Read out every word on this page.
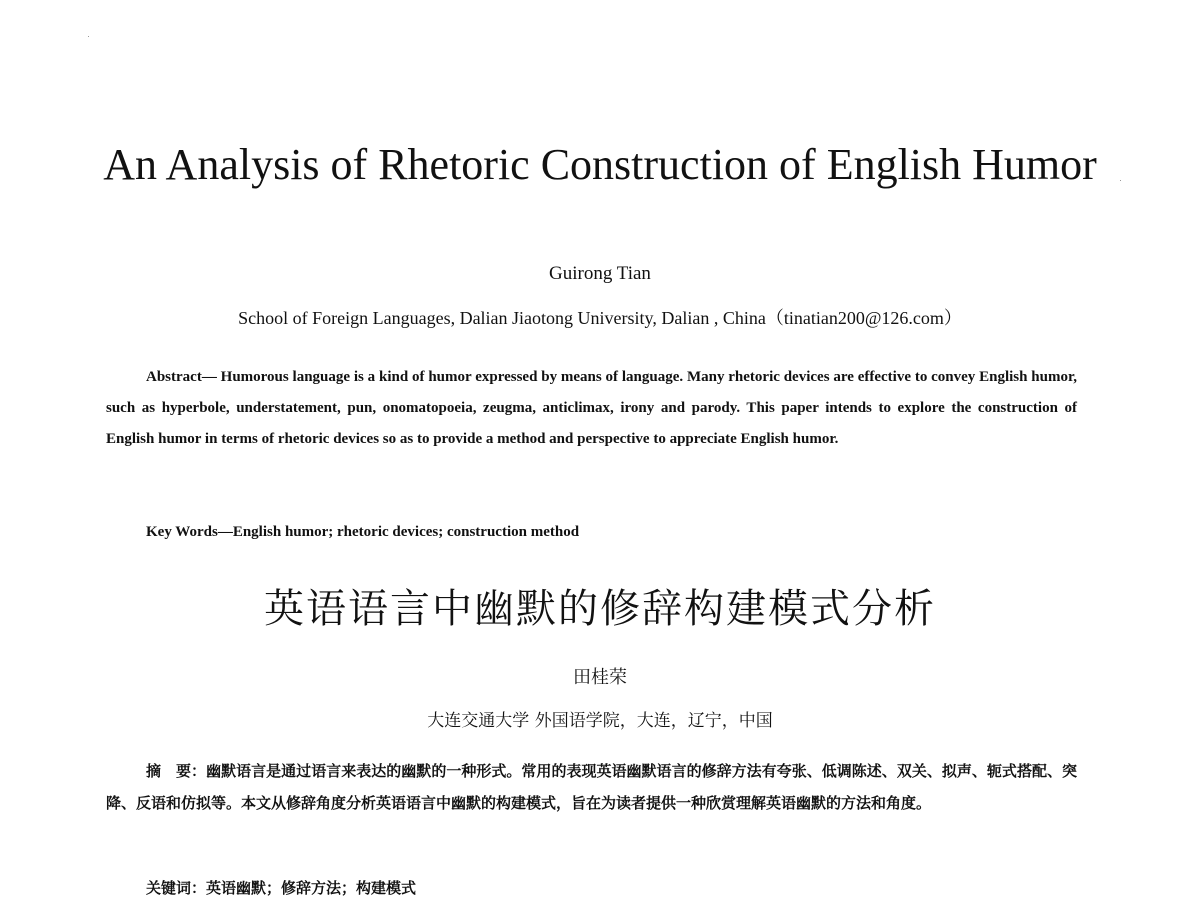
An Analysis of Rhetoric Construction of English Humor
Guirong Tian
School of Foreign Languages, Dalian Jiaotong University, Dalian , China（tinatian200@126.com）

Abstract— Humorous language is a kind of humor expressed by means of language. Many rhetoric devices are effective to convey English humor, such as hyperbole, understatement, pun, onomatopoeia, zeugma, anticlimax, irony and parody. This paper intends to explore the construction of English humor in terms of rhetoric devices so as to provide a method and perspective to appreciate English humor.

Key Words—English humor; rhetoric devices; construction method
英语语言中幽默的修辞构建模式分析
田桂荣
大连交通大学 外国语学院，大连，辽宁，中国

摘　要：幽默语言是通过语言来表达的幽默的一种形式。常用的表现英语幽默语言的修辞方法有夸张、低调陈述、双关、拟声、轭式搭配、突降、反语和仿拟等。本文从修辞角度分析英语语言中幽默的构建模式，旨在为读者提供一种欣赏理解英语幽默的方法和角度。

关键词：英语幽默；修辞方法；构建模式
